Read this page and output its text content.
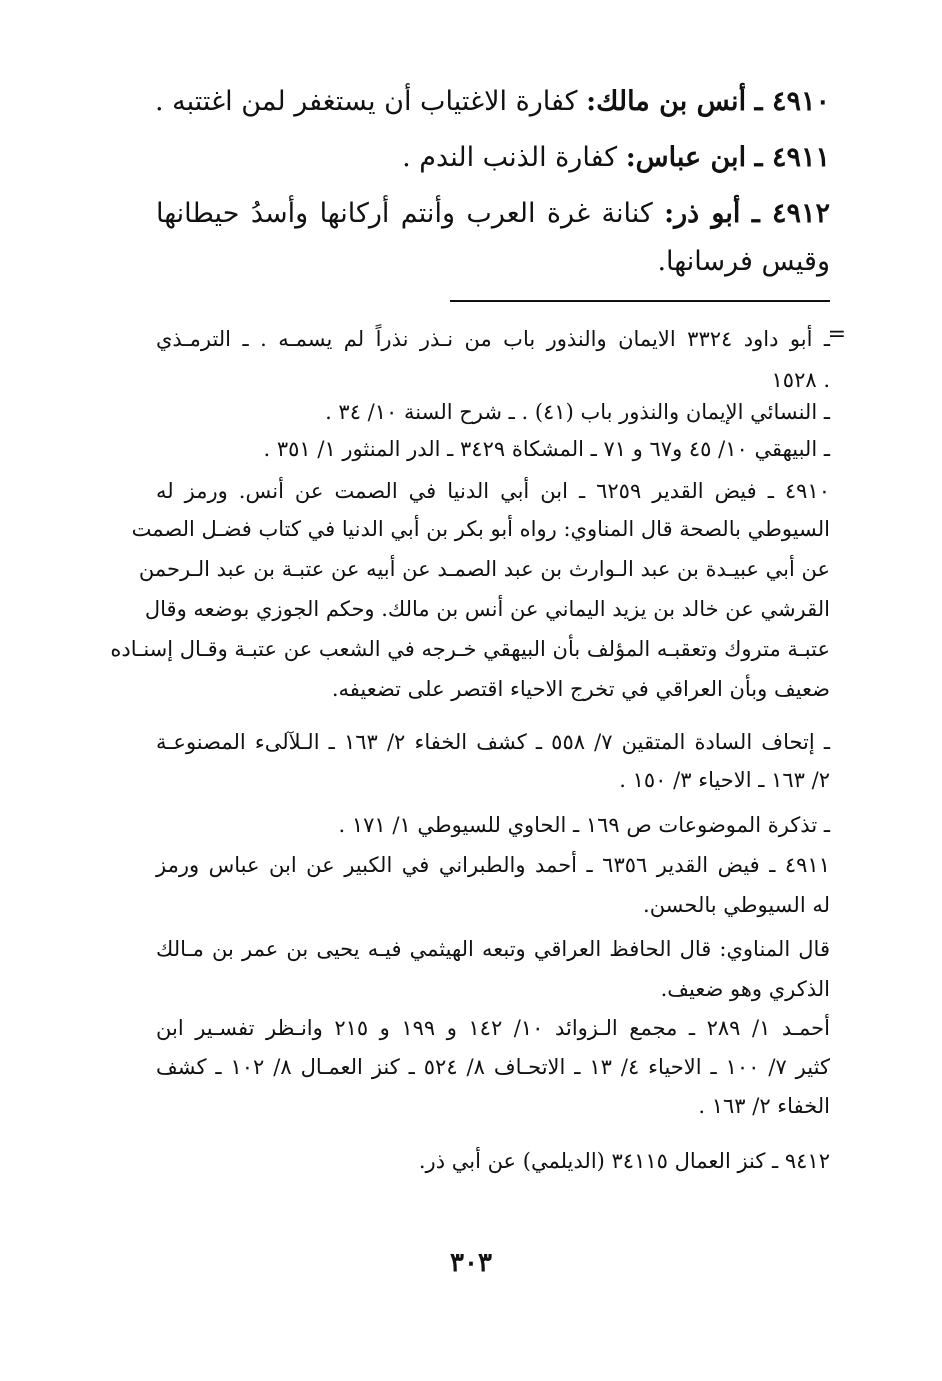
٤٩١٠ ـ أنس بن مالك: كفارة الاغتياب أن يستغفر لمن اغتتبه .
٤٩١١ ـ ابن عباس: كفارة الذنب الندم .
٤٩١٢ ـ أبو ذر: كنانة غرة العرب وأنتم أركانها وأسدُ حيطانها
وقيس فرسانها.
=
ـ أبو داود ٣٣٢٤ الايمان والنذور باب من نـذر نذراً لم يسمـه . ـ الترمـذي
١٥٢٨ .
ـ النسائي الإيمان والنذور باب (٤١) . ـ شرح السنة ١٠/ ٣٤ .
ـ البيهقي ١٠/ ٤٥ و٦٧ و ٧١ ـ المشكاة ٣٤٢٩ ـ الدر المنثور ١/ ٣٥١ .
٤٩١٠ ـ فيض القدير ٦٢٥٩ ـ ابن أبي الدنيا في الصمت عن أنس. ورمز له
السيوطي بالصحة قال المناوي: رواه أبو بكر بن أبي الدنيا في كتاب فضـل الصمت
عن أبي عبيـدة بن عبد الـوارث بن عبد الصمـد عن أبيه عن عتبـة بن عبد الـرحمن
القرشي عن خالد بن يزيد اليماني عن أنس بن مالك. وحكم الجوزي بوضعه وقال
عتبـة متروك وتعقبـه المؤلف بأن البيهقي خـرجه في الشعب عن عتبـة وقـال إسنـاده
ضعيف وبأن العراقي في تخرج الاحياء اقتصر على تضعيفه.
ـ إتحاف السادة المتقين ٧/ ٥٥٨ ـ كشف الخفاء ٢/ ١٦٣ ـ الـلآلىء المصنوعـة
٢/ ١٦٣ ـ الاحياء ٣/ ١٥٠ .
ـ تذكرة الموضوعات ص ١٦٩ ـ الحاوي للسيوطي ١/ ١٧١ .
٤٩١١ ـ فيض القدير ٦٣٥٦ ـ أحمد والطبراني في الكبير عن ابن عباس ورمز
له السيوطي بالحسن.
قال المناوي: قال الحافظ العراقي وتبعه الهيثمي فيـه يحيى بن عمر بن مـالك
الذكري وهو ضعيف.
أحمـد ١/ ٢٨٩ ـ مجمع الـزوائد ١٠/ ١٤٢ و ١٩٩ و ٢١٥ وانـظر تفسـير ابن
كثير ٧/ ١٠٠ ـ الاحياء ٤/ ١٣ ـ الاتحـاف ٨/ ٥٢٤ ـ كنز العمـال ٨/ ١٠٢ ـ كشف
الخفاء ٢/ ١٦٣ .
٩٤١٢ ـ كنز العمال ٣٤١١٥ (الديلمي) عن أبي ذر.
٣٠٣
